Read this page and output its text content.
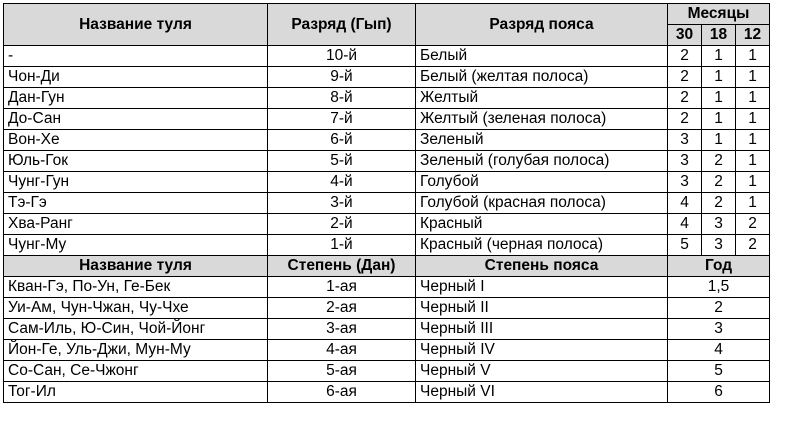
Название туля	Разряд (Гып)	Разряд пояса	Месяцы		
			30	18	12
-	10-й	Белый	2	1	1
Чон-Ди	9-й	Белый (желтая полоса)	2	1	1
Дан-Гун	8-й	Желтый	2	1	1
До-Сан	7-й	Желтый (зеленая полоса)	2	1	1
Вон-Хе	6-й	Зеленый	3	1	1
Юль-Гок	5-й	Зеленый (голубая полоса)	3	2	1
Чунг-Гун	4-й	Голубой	3	2	1
Тэ-Гэ	3-й	Голубой (красная полоса)	4	2	1
Хва-Ранг	2-й	Красный	4	3	2
Чунг-Му	1-й	Красный (черная полоса)	5	3	2
Название туля	Степень (Дан)	Степень пояса	Год		
Кван-Гэ, По-Ун, Ге-Бек	1-ая	Черный I	1,5		
Уи-Ам, Чун-Чжан, Чу-Чхе	2-ая	Черный II	2		
Сам-Иль, Ю-Син, Чой-Йонг	3-ая	Черный III	3		
Йон-Ге, Уль-Джи, Мун-Му	4-ая	Черный IV	4		
Со-Сан, Се-Чжонг	5-ая	Черный V	5		
Тог-Ил	6-ая	Черный VI	6		
